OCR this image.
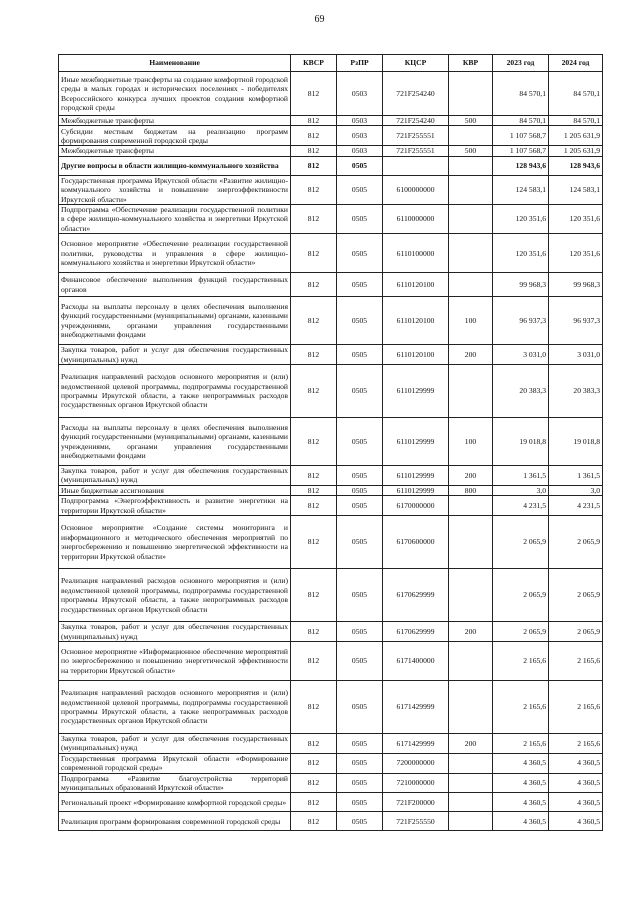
69
Наименование	КВСР	РзПР	КЦСР	КВР	2023 год	2024 год
Иные межбюджетные трансферты на создание комфортной городской среды в малых городах и исторических поселениях - победителях Всероссийского конкурса лучших проектов создания комфортной городской среды	812	0503	721F254240		84 570,1	84 570,1
Межбюджетные трансферты	812	0503	721F254240	500	84 570,1	84 570,1
Субсидии местным бюджетам на реализацию программ формирования современной городской среды	812	0503	721F255551		1 107 568,7	1 205 631,9
Межбюджетные трансферты	812	0503	721F255551	500	1 107 568,7	1 205 631,9
Другие вопросы в области жилищно-коммунального хозяйства	812	0505			128 943,6	128 943,6
Государственная программа Иркутской области «Развитие жилищно-коммунального хозяйства и повышение энергоэффективности Иркутской области»	812	0505	6100000000		124 583,1	124 583,1
Подпрограмма «Обеспечение реализации государственной политики в сфере жилищно-коммунального хозяйства и энергетики Иркутской области»	812	0505	6110000000		120 351,6	120 351,6
Основное мероприятие «Обеспечение реализации государственной политики, руководства и управления в сфере жилищно-коммунального хозяйства и энергетики Иркутской области»	812	0505	6110100000		120 351,6	120 351,6
Финансовое обеспечение выполнения функций государственных органов	812	0505	6110120100		99 968,3	99 968,3
Расходы на выплаты персоналу в целях обеспечения выполнения функций государственными (муниципальными) органами, казенными учреждениями, органами управления государственными внебюджетными фондами	812	0505	6110120100	100	96 937,3	96 937,3
Закупка товаров, работ и услуг для обеспечения государственных (муниципальных) нужд	812	0505	6110120100	200	3 031,0	3 031,0
Реализация направлений расходов основного мероприятия и (или) ведомственной целевой программы, подпрограммы государственной программы Иркутской области, а также непрограммных расходов государственных органов Иркутской области	812	0505	6110129999		20 383,3	20 383,3
Расходы на выплаты персоналу в целях обеспечения выполнения функций государственными (муниципальными) органами, казенными учреждениями, органами управления государственными внебюджетными фондами	812	0505	6110129999	100	19 018,8	19 018,8
Закупка товаров, работ и услуг для обеспечения государственных (муниципальных) нужд	812	0505	6110129999	200	1 361,5	1 361,5
Иные бюджетные ассигнования	812	0505	6110129999	800	3,0	3,0
Подпрограмма «Энергоэффективность и развитие энергетики на территории Иркутской области»	812	0505	6170000000		4 231,5	4 231,5
Основное мероприятие «Создание системы мониторинга и информационного и методического обеспечения мероприятий по энергосбережению и повышению энергетической эффективности на территории Иркутской области»	812	0505	6170600000		2 065,9	2 065,9
Реализация направлений расходов основного мероприятия и (или) ведомственной целевой программы, подпрограммы государственной программы Иркутской области, а также непрограммных расходов государственных органов Иркутской области	812	0505	6170629999		2 065,9	2 065,9
Закупка товаров, работ и услуг для обеспечения государственных (муниципальных) нужд	812	0505	6170629999	200	2 065,9	2 065,9
Основное мероприятие «Информационное обеспечение мероприятий по энергосбережению и повышению энергетической эффективности на территории Иркутской области»	812	0505	6171400000		2 165,6	2 165,6
Реализация направлений расходов основного мероприятия и (или) ведомственной целевой программы, подпрограммы государственной программы Иркутской области, а также непрограммных расходов государственных органов Иркутской области	812	0505	6171429999		2 165,6	2 165,6
Закупка товаров, работ и услуг для обеспечения государственных (муниципальных) нужд	812	0505	6171429999	200	2 165,6	2 165,6
Государственная программа Иркутской области «Формирование современной городской среды»	812	0505	7200000000		4 360,5	4 360,5
Подпрограмма «Развитие благоустройства территорий муниципальных образований Иркутской области»	812	0505	7210000000		4 360,5	4 360,5
Региональный проект «Формирование комфортной городской среды»	812	0505	721F200000		4 360,5	4 360,5
Реализация программ формирования современной городской среды	812	0505	721F255550		4 360,5	4 360,5
